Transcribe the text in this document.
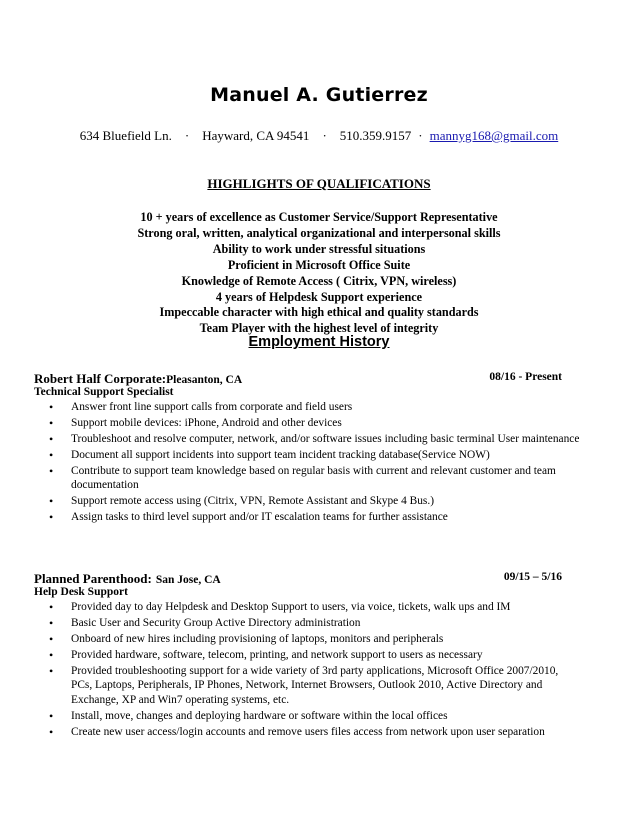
Manuel A. Gutierrez
634 Bluefield Ln. · Hayward, CA 94541 · 510.359.9157 · mannyg168@gmail.com
HIGHLIGHTS OF QUALIFICATIONS
10 + years of excellence as Customer Service/Support Representative
Strong oral, written, analytical organizational and interpersonal skills
Ability to work under stressful situations
Proficient in Microsoft Office Suite
Knowledge of Remote Access ( Citrix, VPN, wireless)
4 years of Helpdesk Support experience
Impeccable character with high ethical and quality standards
Team Player with the highest level of integrity
Employment History
Robert Half Corporate:Pleasanton, CA	08/16 - Present
Technical Support Specialist
• Answer front line support calls from corporate and field users
• Support mobile devices: iPhone, Android and other devices
• Troubleshoot and resolve computer, network, and/or software issues including basic terminal User maintenance
• Document all support incidents into support team incident tracking database(Service NOW)
• Contribute to support team knowledge based on regular basis with current and relevant customer and team documentation
• Support remote access using (Citrix, VPN, Remote Assistant and Skype 4 Bus.)
• Assign tasks to third level support and/or IT escalation teams for further assistance
Planned Parenthood: San Jose, CA	09/15 – 5/16
Help Desk Support
• Provided day to day Helpdesk and Desktop Support to users, via voice, tickets, walk ups and IM
• Basic User and Security Group Active Directory administration
• Onboard of new hires including provisioning of laptops, monitors and peripherals
• Provided hardware, software, telecom, printing, and network support to users as necessary
• Provided troubleshooting support for a wide variety of 3rd party applications, Microsoft Office 2007/2010, PCs, Laptops, Peripherals, IP Phones, Network, Internet Browsers, Outlook 2010, Active Directory and Exchange, XP and Win7 operating systems, etc.
• Install, move, changes and deploying hardware or software within the local offices
• Create new user access/login accounts and remove users files access from network upon user separation
